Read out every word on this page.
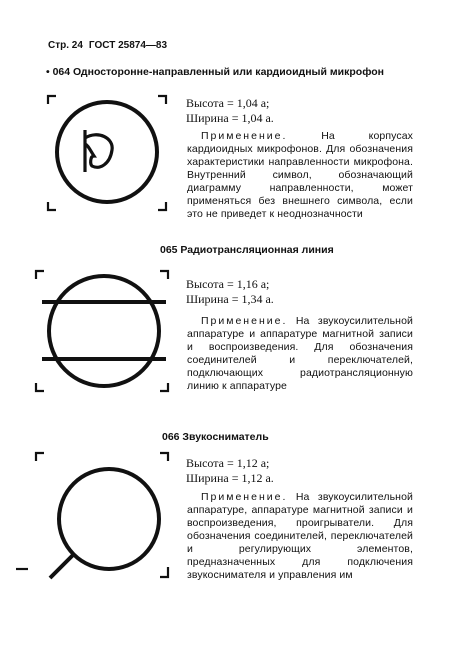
Стр. 24 ГОСТ 25874—83
• 064 Односторонне-направленный или кардиоидный микрофон
Высота = 1,04 a;
Ширина = 1,04 a.
Применение.	На корпусах кардиоидных микрофонов. Для обозначения характеристики направленности микрофона. Внутренний символ, обозначающий диаграмму направленности, может применяться без внешнего символа, если это не приведет к неоднозначности
065 Радиотрансляционная линия
Высота = 1,16 a;
Ширина = 1,34 a.
Применение. На звукоусилительной аппаратуре и аппаратуре магнитной записи и воспроизведения. Для обозначения соединителей и переключателей, подключающих радиотрансляционную линию к аппаратуре
066 Звукосниматель
Высота = 1,12 a;
Ширина = 1,12 a.
Применение. На звукоусилительной аппаратуре, аппаратуре магнитной записи и воспроизведения, проигрыватели. Для обозначения соединителей, переключателей и регулирующих элементов, предназначенных для подключения звукоснимателя и управления им
